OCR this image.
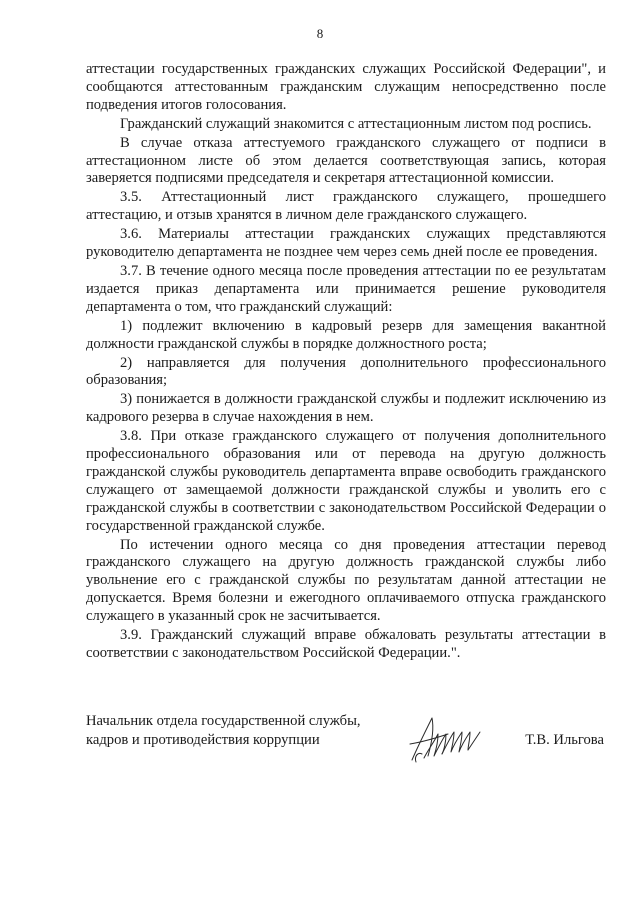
8

аттестации государственных гражданских служащих Российской Федерации", и сообщаются аттестованным гражданским служащим непосредственно после подведения итогов голосования.

Гражданский служащий знакомится с аттестационным листом под роспись.

В случае отказа аттестуемого гражданского служащего от подписи в аттестационном листе об этом делается соответствующая запись, которая заверяется подписями председателя и секретаря аттестационной комиссии.

3.5. Аттестационный лист гражданского служащего, прошедшего аттестацию, и отзыв хранятся в личном деле гражданского служащего.

3.6. Материалы аттестации гражданских служащих представляются руководителю департамента не позднее чем через семь дней после ее проведения.

3.7. В течение одного месяца после проведения аттестации по ее результатам издается приказ департамента или принимается решение руководителя департамента о том, что гражданский служащий:

1) подлежит включению в кадровый резерв для замещения вакантной должности гражданской службы в порядке должностного роста;

2) направляется для получения дополнительного профессионального образования;

3) понижается в должности гражданской службы и подлежит исключению из кадрового резерва в случае нахождения в нем.

3.8. При отказе гражданского служащего от получения дополнительного профессионального образования или от перевода на другую должность гражданской службы руководитель департамента вправе освободить гражданского служащего от замещаемой должности гражданской службы и уволить его с гражданской службы в соответствии с законодательством Российской Федерации о государственной гражданской службе.

По истечении одного месяца со дня проведения аттестации перевод гражданского служащего на другую должность гражданской службы либо увольнение его с гражданской службы по результатам данной аттестации не допускается. Время болезни и ежегодного оплачиваемого отпуска гражданского служащего в указанный срок не засчитывается.

3.9. Гражданский служащий вправе обжаловать результаты аттестации в соответствии с законодательством Российской Федерации.".

Начальник отдела государственной службы,
кадров и противодействия коррупции	Т.В. Ильгова
